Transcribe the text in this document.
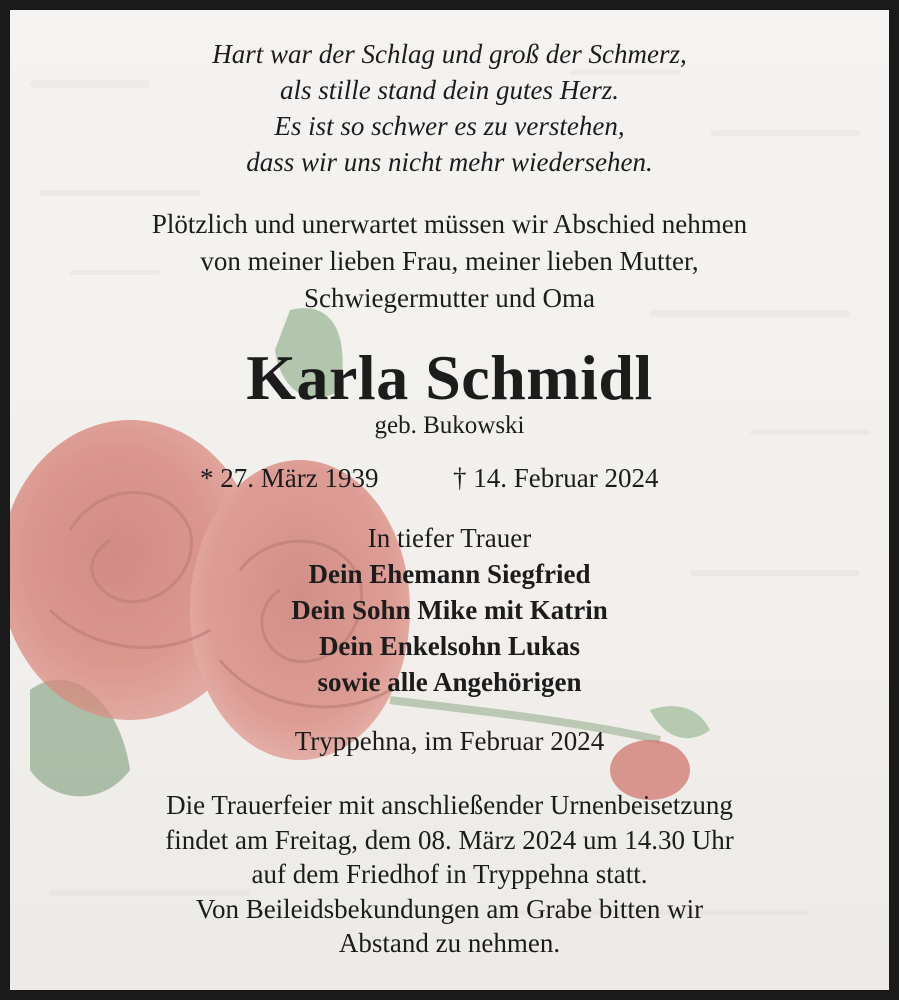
Hart war der Schlag und groß der Schmerz,
als stille stand dein gutes Herz.
Es ist so schwer es zu verstehen,
dass wir uns nicht mehr wiedersehen.
Plötzlich und unerwartet müssen wir Abschied nehmen
von meiner lieben Frau, meiner lieben Mutter,
Schwiegermutter und Oma
Karla Schmidl
geb. Bukowski
* 27. März 1939	† 14. Februar 2024
In tiefer Trauer
Dein Ehemann Siegfried
Dein Sohn Mike mit Katrin
Dein Enkelsohn Lukas
sowie alle Angehörigen
Tryppehna, im Februar 2024
Die Trauerfeier mit anschließender Urnenbeisetzung
findet am Freitag, dem 08. März 2024 um 14.30 Uhr
auf dem Friedhof in Tryppehna statt.
Von Beileidsbekundungen am Grabe bitten wir
Abstand zu nehmen.
